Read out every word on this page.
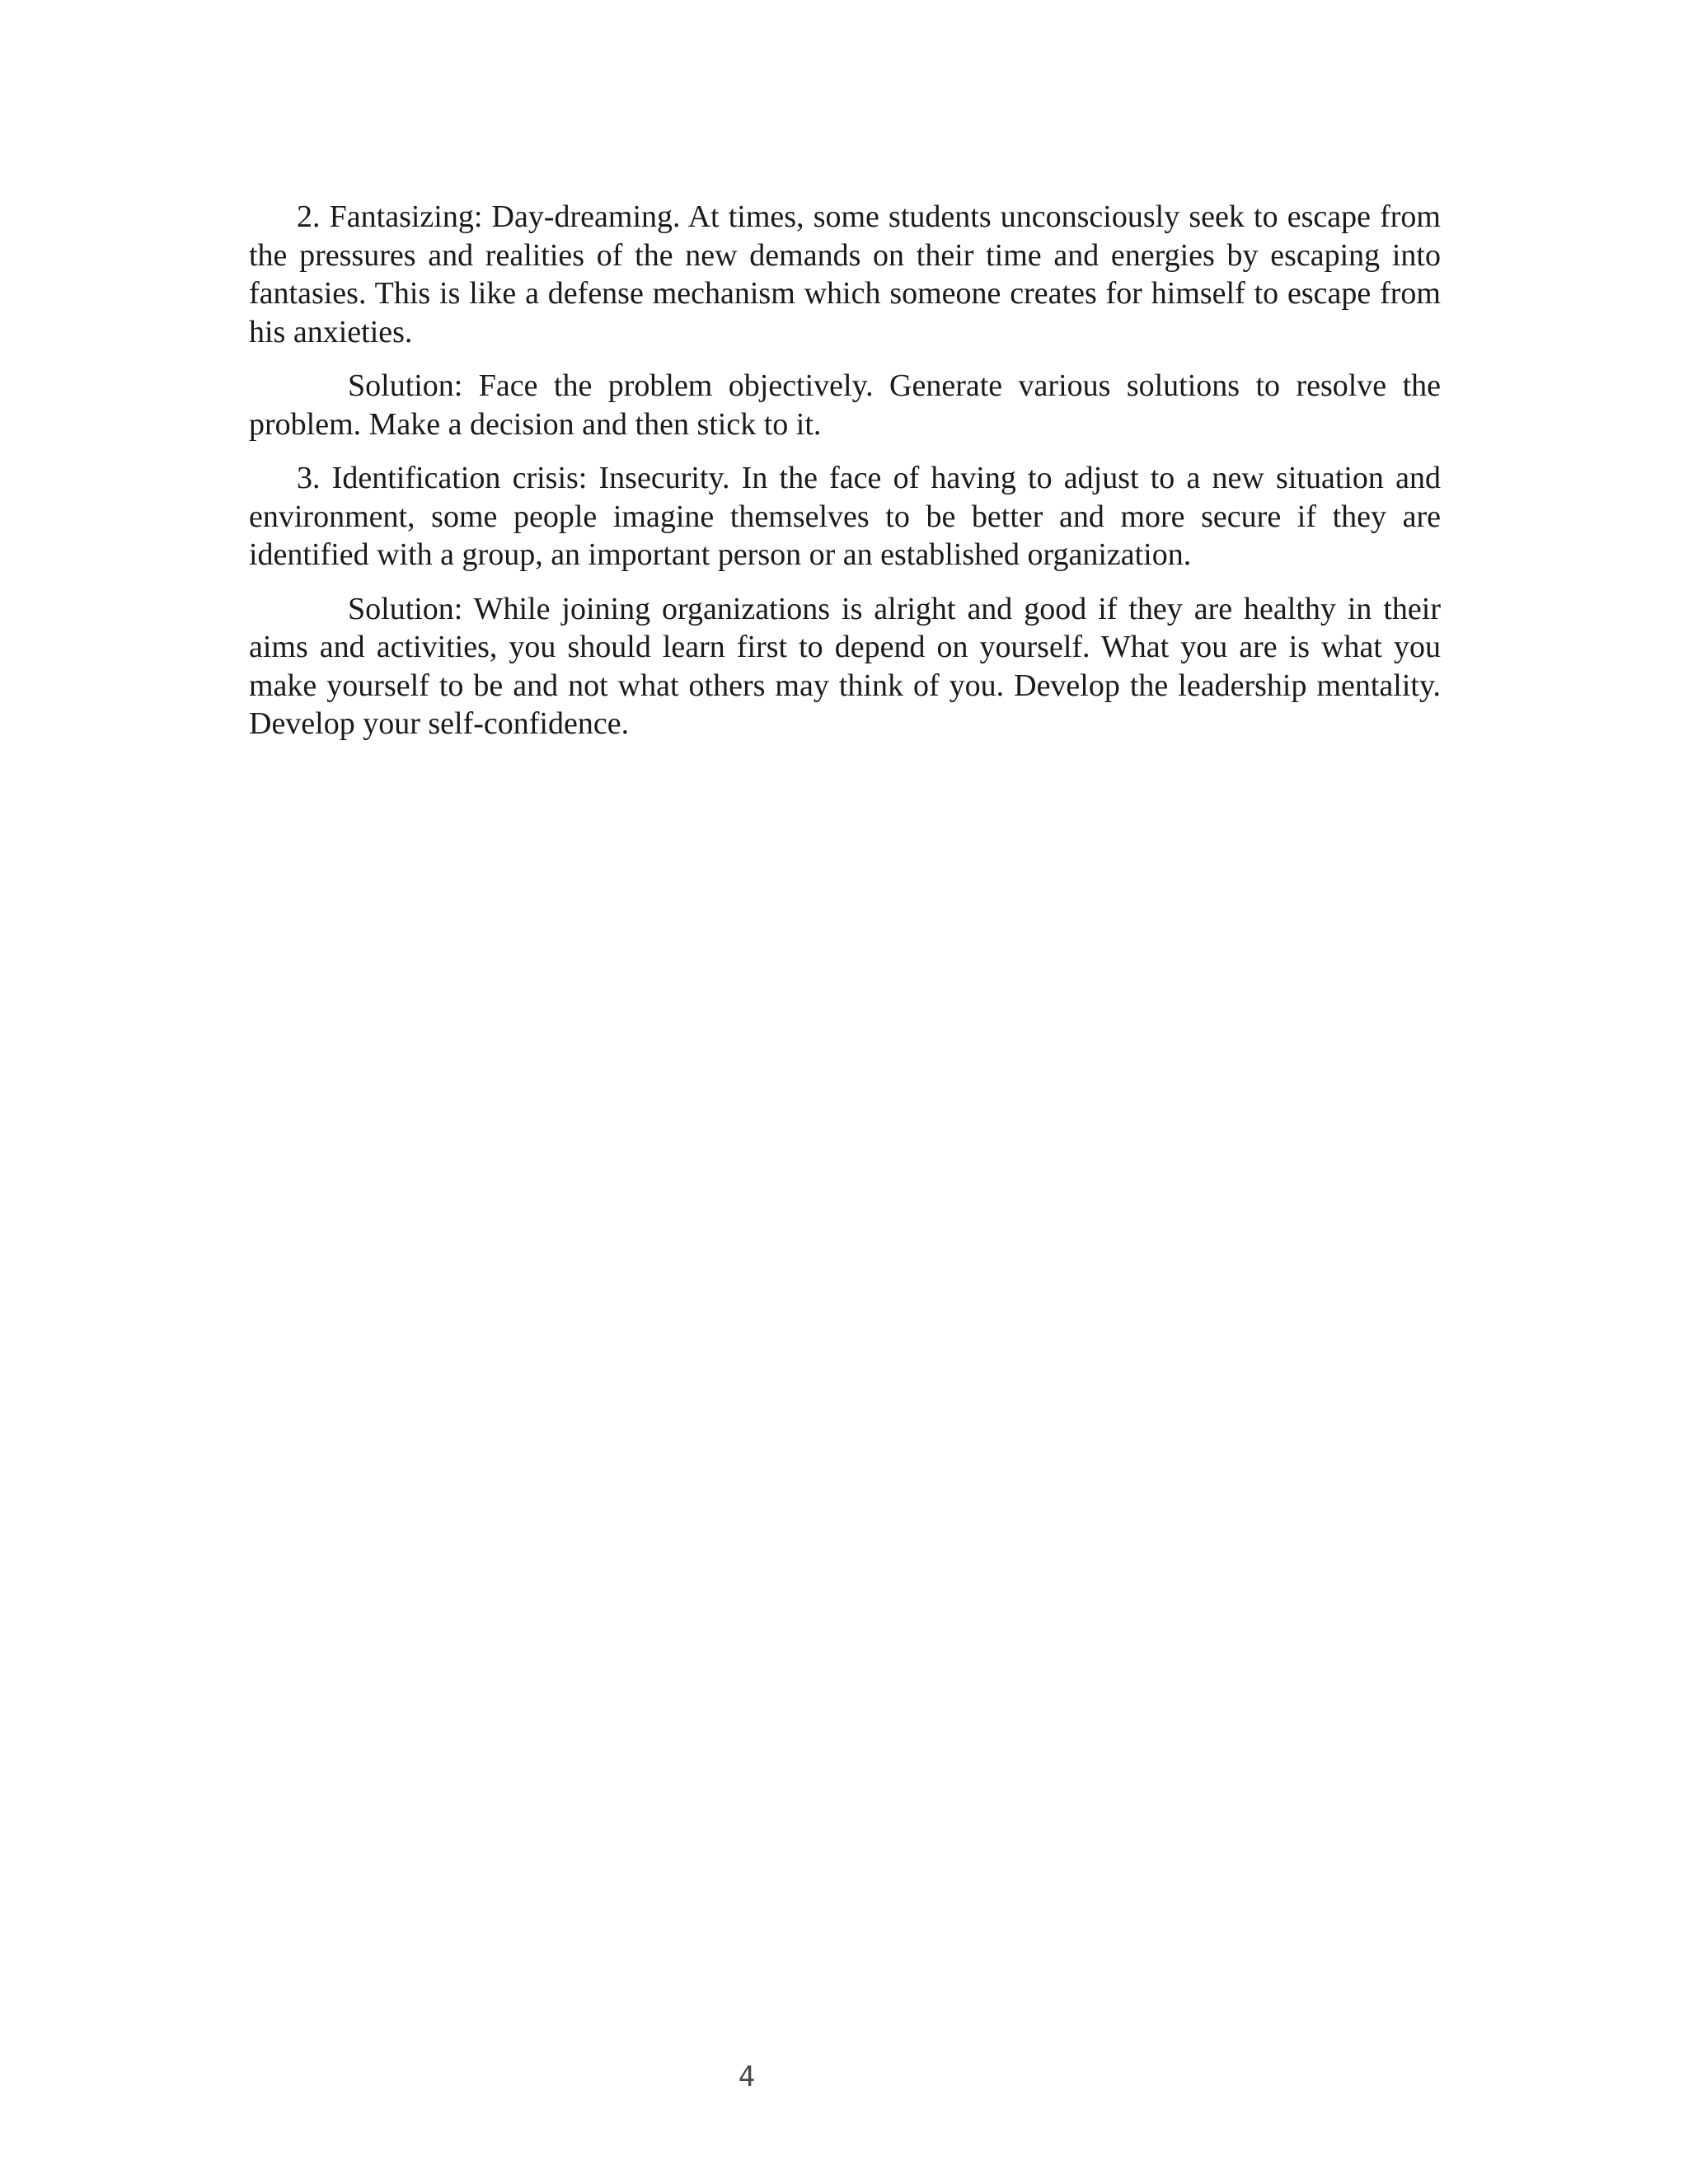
2. Fantasizing: Day-dreaming. At times, some students unconsciously seek to escape from the pressures and realities of the new demands on their time and energies by escaping into fantasies. This is like a defense mechanism which someone creates for himself to escape from his anxieties.

Solution: Face the problem objectively. Generate various solutions to resolve the problem. Make a decision and then stick to it.

3. Identification crisis: Insecurity. In the face of having to adjust to a new situation and environment, some people imagine themselves to be better and more secure if they are identified with a group, an important person or an established organization.

Solution: While joining organizations is alright and good if they are healthy in their aims and activities, you should learn first to depend on yourself. What you are is what you make yourself to be and not what others may think of you. Develop the leadership mentality. Develop your self-confidence.

4
